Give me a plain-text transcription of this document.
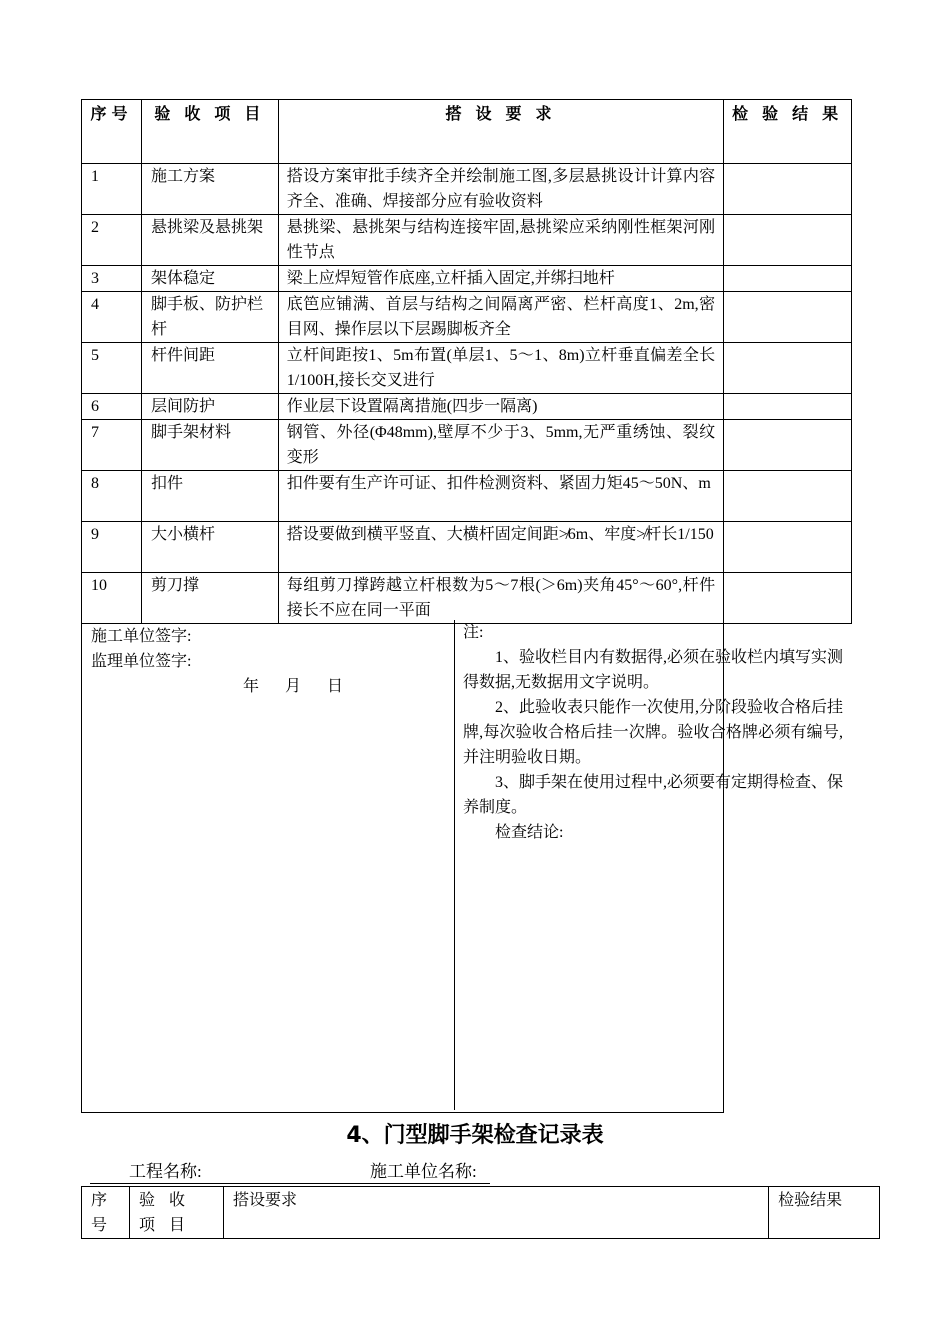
序号	验 收 项 目	搭 设 要 求	检 验 结 果
1	施工方案	搭设方案审批手续齐全并绘制施工图,多层悬挑设计计算内容齐全、准确、焊接部分应有验收资料	
2	悬挑梁及悬挑架	悬挑梁、悬挑架与结构连接牢固,悬挑梁应采纳刚性框架河刚性节点	
3	架体稳定	梁上应焊短管作底座,立杆插入固定,并绑扫地杆	
4	脚手板、防护栏杆	底笆应铺满、首层与结构之间隔离严密、栏杆高度1、2m,密目网、操作层以下层踢脚板齐全	
5	杆件间距	立杆间距按1、5m布置(单层1、5～1、8m)立杆垂直偏差全长1/100H,接长交叉进行	
6	层间防护	作业层下设置隔离措施(四步一隔离)	
7	脚手架材料	钢管、外径(Φ48mm),壁厚不少于3、5mm,无严重绣蚀、裂纹变形	
8	扣件	扣件要有生产许可证、扣件检测资料、紧固力矩45～50N、m	
9	大小横杆	搭设要做到横平竖直、大横杆固定间距≯6m、牢度≯杆长1/150	
10	剪刀撑	每组剪刀撑跨越立杆根数为5～7根(＞6m)夹角45°～60°,杆件接长不应在同一平面	

施工单位签字:
监理单位签字:
年 月 日			

注:

1、验收栏目内有数据得,必须在验收栏内填写实测得数据,无数据用文字说明。

2、此验收表只能作一次使用,分阶段验收合格后挂牌,每次验收合格后挂一次牌。验收合格牌必须有编号,并注明验收日期。

3、脚手架在使用过程中,必须要有定期得检查、保养制度。

检查结论:

4、门型脚手架检查记录表
工程名称:	施工单位名称:
序号	验收项目	搭设要求	检验结果
